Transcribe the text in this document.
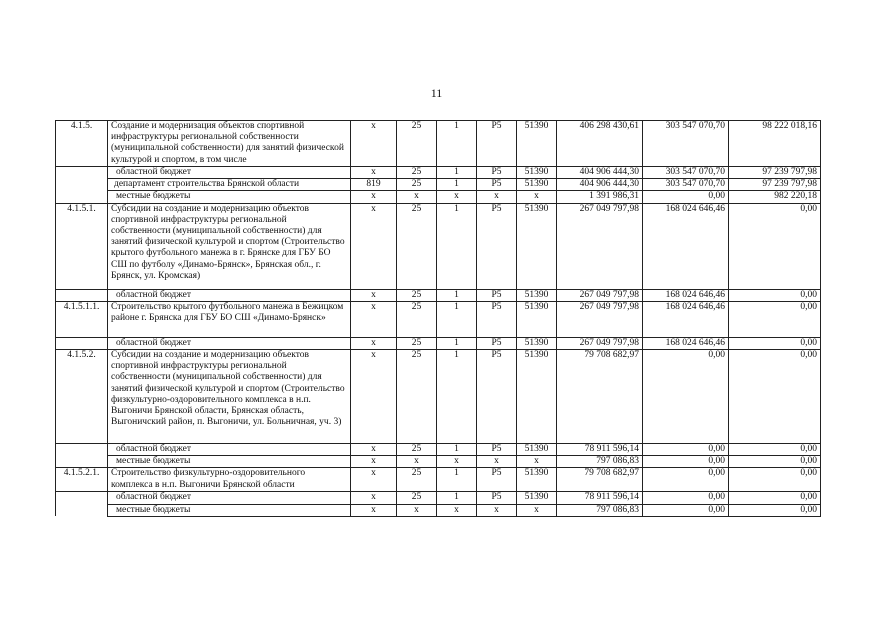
11
4.1.5.	Создание и модернизация объектов спортивной инфраструктуры региональной собственности (муниципальной собственности) для занятий физической культурой и спортом, в том числе	х	25	1	Р5	51390	406 298 430,61	303 547 070,70	98 222 018,16
	областной бюджет	х	25	1	Р5	51390	404 906 444,30	303 547 070,70	97 239 797,98
	департамент строительства Брянской области	819	25	1	Р5	51390	404 906 444,30	303 547 070,70	97 239 797,98
	местные бюджеты	х	х	х	х	х	1 391 986,31	0,00	982 220,18
4.1.5.1.	Субсидии на создание и модернизацию объектов спортивной инфраструктуры региональной собственности (муниципальной собственности) для занятий физической культурой и спортом (Строительство крытого футбольного манежа в г. Брянске для ГБУ БО СШ по футболу «Динамо-Брянск», Брянская обл., г. Брянск, ул. Кромская)	х	25	1	Р5	51390	267 049 797,98	168 024 646,46	0,00
	областной бюджет	х	25	1	Р5	51390	267 049 797,98	168 024 646,46	0,00
4.1.5.1.1.	Строительство крытого футбольного манежа в Бежицком районе г. Брянска для ГБУ БО СШ «Динамо-Брянск»	х	25	1	Р5	51390	267 049 797,98	168 024 646,46	0,00
	областной бюджет	х	25	1	Р5	51390	267 049 797,98	168 024 646,46	0,00
4.1.5.2.	Субсидии на создание и модернизацию объектов спортивной инфраструктуры региональной собственности (муниципальной собственности) для занятий физической культурой и спортом (Строительство физкультурно-оздоровительного комплекса в н.п. Выгоничи Брянской области, Брянская область, Выгоничский район, п. Выгоничи, ул. Больничная, уч. 3)	х	25	1	Р5	51390	79 708 682,97	0,00	0,00
	областной бюджет	х	25	1	Р5	51390	78 911 596,14	0,00	0,00
	местные бюджеты	х	х	х	х	х	797 086,83	0,00	0,00
4.1.5.2.1.	Строительство физкультурно-оздоровительного комплекса в н.п. Выгоничи Брянской области	х	25	1	Р5	51390	79 708 682,97	0,00	0,00
	областной бюджет	х	25	1	Р5	51390	78 911 596,14	0,00	0,00
	местные бюджеты	х	х	х	х	х	797 086,83	0,00	0,00
